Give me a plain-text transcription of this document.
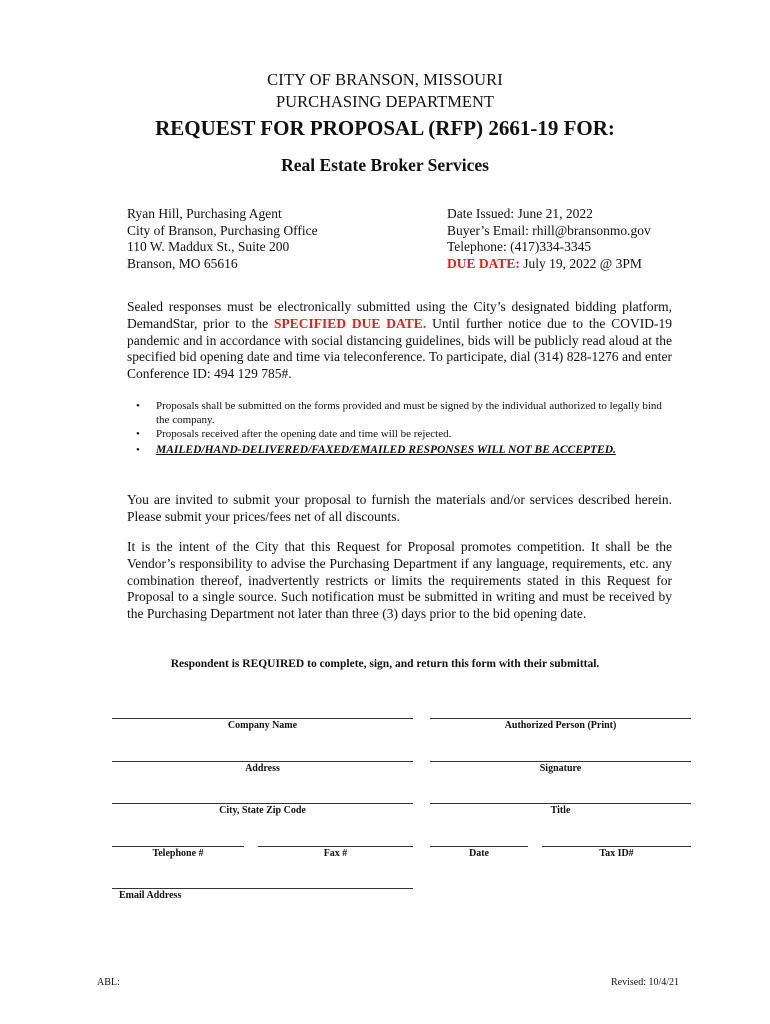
CITY OF BRANSON, MISSOURI
PURCHASING DEPARTMENT
REQUEST FOR PROPOSAL (RFP) 2661-19 FOR:
Real Estate Broker Services
Ryan Hill, Purchasing Agent
City of Branson, Purchasing Office
110 W. Maddux St., Suite 200
Branson, MO 65616
Date Issued: June 21, 2022
Buyer’s Email: rhill@bransonmo.gov
Telephone: (417)334-3345
DUE DATE: July 19, 2022 @ 3PM
Sealed responses must be electronically submitted using the City’s designated bidding platform, DemandStar, prior to the SPECIFIED DUE DATE. Until further notice due to the COVID-19 pandemic and in accordance with social distancing guidelines, bids will be publicly read aloud at the specified bid opening date and time via teleconference. To participate, dial (314) 828-1276 and enter Conference ID: 494 129 785#.
• Proposals shall be submitted on the forms provided and must be signed by the individual authorized to legally bind the company.
• Proposals received after the opening date and time will be rejected.
• MAILED/HAND-DELIVERED/FAXED/EMAILED RESPONSES WILL NOT BE ACCEPTED.
You are invited to submit your proposal to furnish the materials and/or services described herein. Please submit your prices/fees net of all discounts.
It is the intent of the City that this Request for Proposal promotes competition. It shall be the Vendor’s responsibility to advise the Purchasing Department if any language, requirements, etc. any combination thereof, inadvertently restricts or limits the requirements stated in this Request for Proposal to a single source. Such notification must be submitted in writing and must be received by the Purchasing Department not later than three (3) days prior to the bid opening date.
Respondent is REQUIRED to complete, sign, and return this form with their submittal.
Company Name	Authorized Person (Print)
Address	Signature
City, State Zip Code	Title
Telephone #	Fax #	Date	Tax ID#
Email Address
ABL:	Revised: 10/4/21
